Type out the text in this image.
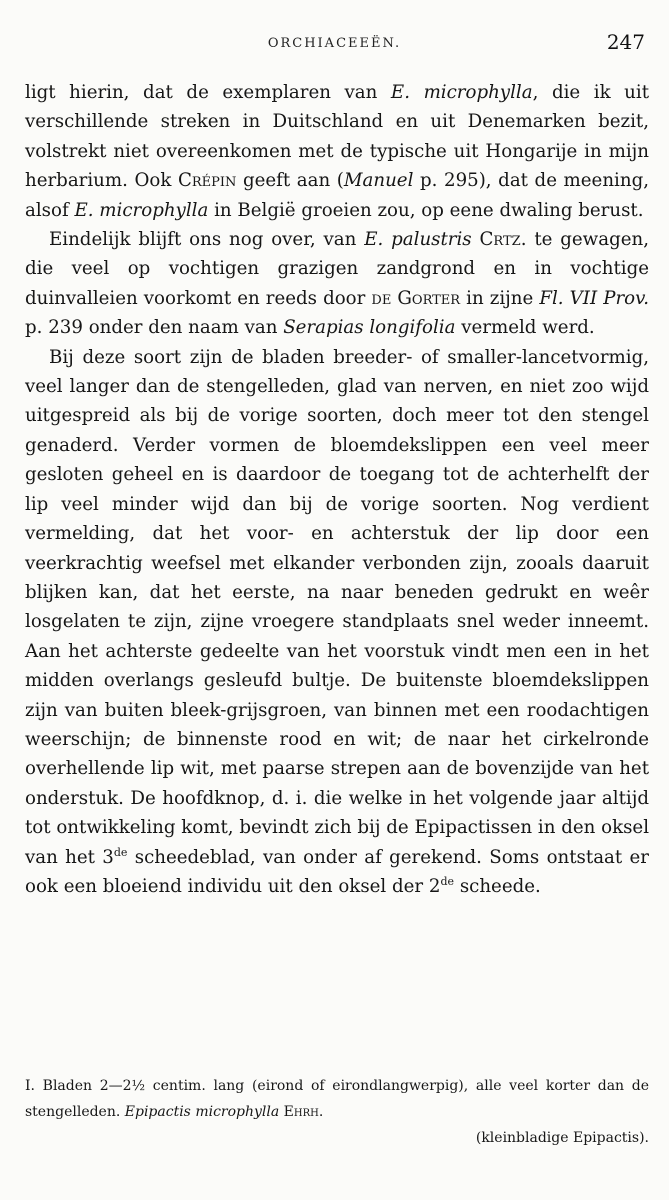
ORCHIACEEËN.	247

ligt hierin, dat de exemplaren van E. microphylla, die ik uit verschillende streken in Duitschland en uit Denemarken bezit, volstrekt niet overeenkomen met de typische uit Hongarije in mijn herbarium. Ook Crépin geeft aan (Manuel p. 295), dat de meening, alsof E. microphylla in België groeien zou, op eene dwaling berust.

Eindelijk blijft ons nog over, van E. palustris Crtz. te gewagen, die veel op vochtigen grazigen zandgrond en in vochtige duinvalleien voorkomt en reeds door de Gorter in zijne Fl. VII Prov. p. 239 onder den naam van Serapias longifolia vermeld werd.

Bij deze soort zijn de bladen breeder- of smaller-lancetvormig, veel langer dan de stengelleden, glad van nerven, en niet zoo wijd uitgespreid als bij de vorige soorten, doch meer tot den stengel genaderd. Verder vormen de bloemdekslippen een veel meer gesloten geheel en is daardoor de toegang tot de achterhelft der lip veel minder wijd dan bij de vorige soorten. Nog verdient vermelding, dat het voor- en achterstuk der lip door een veerkrachtig weefsel met elkander verbonden zijn, zooals daaruit blijken kan, dat het eerste, na naar beneden gedrukt en weêr losgelaten te zijn, zijne vroegere standplaats snel weder inneemt. Aan het achterste gedeelte van het voorstuk vindt men een in het midden overlangs gesleufd bultje. De buitenste bloemdekslippen zijn van buiten bleek-grijsgroen, van binnen met een roodachtigen weerschijn; de binnenste rood en wit; de naar het cirkelronde overhellende lip wit, met paarse strepen aan de bovenzijde van het onderstuk. De hoofdknop, d. i. die welke in het volgende jaar altijd tot ontwikkeling komt, bevindt zich bij de Epipactissen in den oksel van het 3de scheedeblad, van onder af gerekend. Soms ontstaat er ook een bloeiend individu uit den oksel der 2de scheede.

I. Bladen 2—2½ centim. lang (eirond of eirondlangwerpig), alle veel korter dan de stengelleden. Epipactis microphylla Ehrh.

(kleinbladige Epipactis).
